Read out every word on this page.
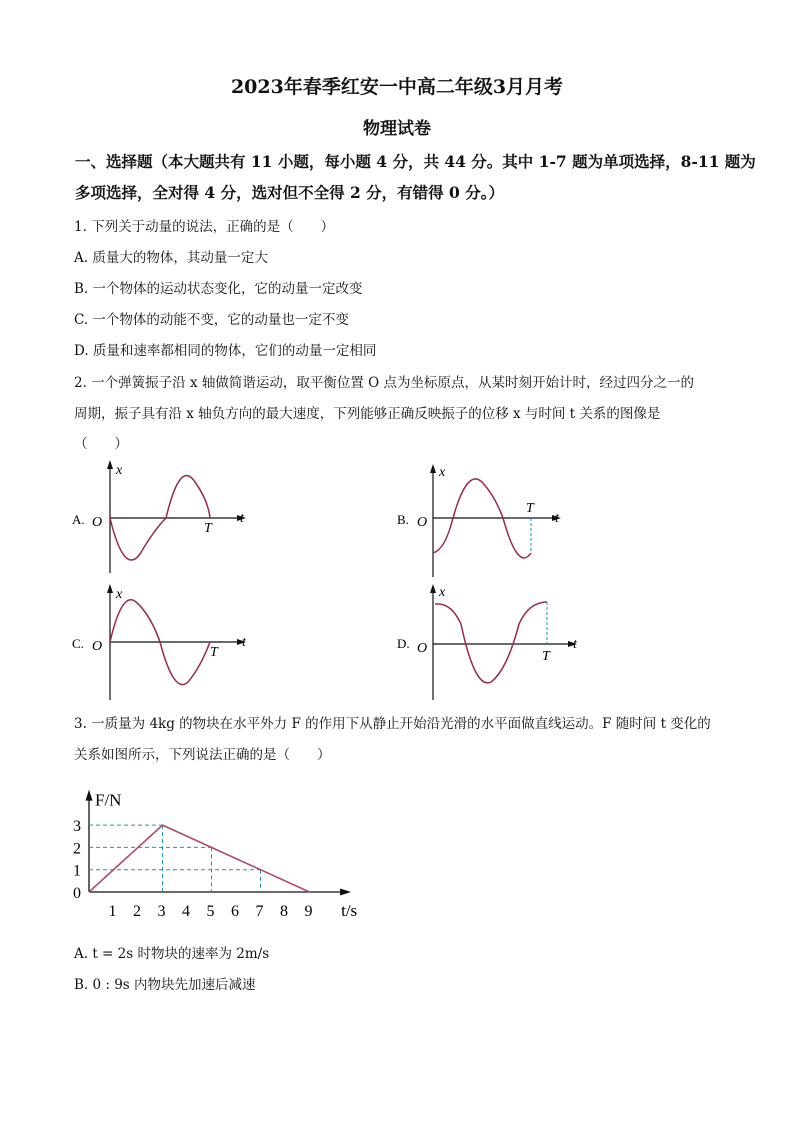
2023年春季红安一中高二年级3月月考
物理试卷
一、选择题（本大题共有 11 小题，每小题 4 分，共 44 分。其中 1-7 题为单项选择，8-11 题为
多项选择，全对得 4 分，选对但不全得 2 分，有错得 0 分。）
1. 下列关于动量的说法，正确的是（　　）
A. 质量大的物体，其动量一定大
B. 一个物体的运动状态变化，它的动量一定改变
C. 一个物体的动能不变，它的动量也一定不变
D. 质量和速率都相同的物体，它们的动量一定相同
2. 一个弹簧振子沿 x 轴做简谐运动，取平衡位置 O 点为坐标原点，从某时刻开始计时，经过四分之一的
周期，振子具有沿 x 轴负方向的最大速度，下列能够正确反映振子的位移 x 与时间 t 关系的图像是
（　　）
A.
x
t
O	T
B.
x
t
O
T
C.
x
t
O	T
D.
x
t
O
T
3. 一质量为 4kg 的物块在水平外力 F 的作用下从静止开始沿光滑的水平面做直线运动。F 随时间 t 变化的
关系如图所示，下列说法正确的是（　　）
F/N
t/s
1 2 3 4 5 6 7 8 9
0
1
2
3
A. t = 2s 时物块的速率为 2m/s
B. 0 : 9s 内物块先加速后减速
